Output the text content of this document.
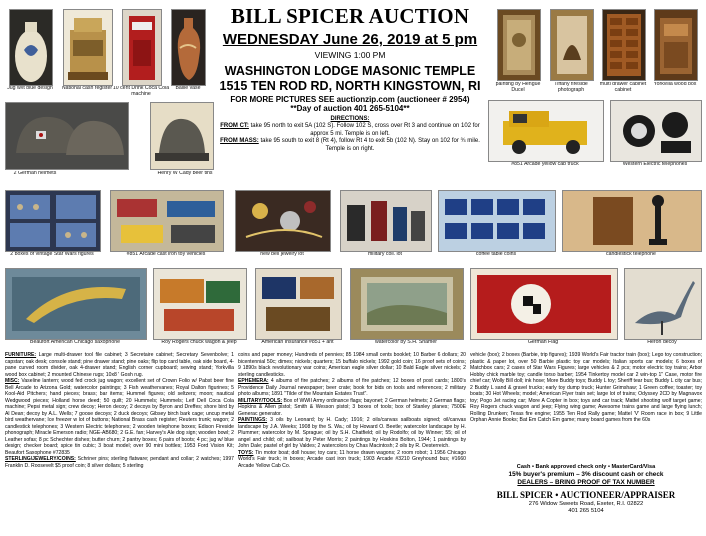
Jug w/it blue design	National cash register 10 cent Drink Coca Cola machine
Baille vase
painting by Hengue Ducel
Tiffany fireside photograph
multi drawer cabinet cabinet
Yorkvilla wood box
BILL SPICER AUCTION
WEDNESDAY June 26, 2019 at 5 pm
VIEWING 1:00 PM
WASHINGTON LODGE MASONIC TEMPLE
1515 TEN ROD RD, NORTH KINGSTOWN, RI
FOR MORE PICTURES SEE auctionzip.com (auctioneer # 2954)
**Day of auction 401 265-5104**
DIRECTIONS:
FROM CT: take 95 north to exit 5A (102 S). Follow 102 S, cross over Rt 3 and continue on 102 for approx 5 mi. Temple is on left.
FROM MASS: take 95 south to exit 8 (Rt 4), follow Rt 4 to exit 5b (102 N). Stay on 102 for ¾ mile. Temple is on right.
2 German helmets	Henry W Cady beer tins
#851 Arcade yellow cab truck	Western Electric telephones
2 boxes of vintage Star Wars figures	#851 Arcade cast iron toy vehicles	new bell jewelry lot	military coll. lot	coffee table coins	candlestick telephone
Beaufort American Chicago saxophone	Roy Rogers chuck wagon & jeep	American Insurance #851 + ant	watercolor by S.H. Shamer	German Flag	Heron decoy

FURNITURE: Large multi-drawer tool file cabinet; 3 Secretaire cabinet; Secretary Sevenbolve; 1 capstan; oak desk; console stand; pine drawer stand; pine oaks; flip top card table, oak side board, 4-pane curved room divider, oak 4-drawer stand; English corner cupboard; sewing stand; Yorkvilla wood box cabinet; 2 mounted Chinese rugs; 10x8 ' Gosh rug.

MISC: Vaseline lantern; wood fed crock jug wagon; excellent set of Crown Folio w/ Pabst beer fine Bell Arcade to Arizona Gold; watercolor paintings; 3 Fish weathervanes; Royal Dalton figurines; 5 Kool-Aid Pitchers; hand pieces; brass; bar items; Hummel figures; old seltzers; moon; nautical Wedgwood pieces; Holland horse deed; 50 quilt; 20 Hummels; Hummels; Leif Dell Coca Cola machine; Pepsi metal sign; crew decoy; Heron decoy; 2 decoys by Byron and Dreffes; shore bird by Al Dean; decoy by A.L. Wells; 7 goose decoys; 2 duck decoys; Gibsey birch bark cage; uncup metal bird weathervane; Ice freezer w lot of buttons; National Brass cash register; Reuters trunk; wagon; 2 candlestick telephones; 3 Western Electric telephones; 2 wooden telephone boxes; Edison Fireside phonograph; Miracle Emerson radio; NGE-AB680; 2 G.E. fan; Harvey's Ale dog sign; wooden bowl; 2 Leather sofas; 8 pc Schechter dishes; butter churn; 2 pantry boxes; 6 pairs of boots; 4 pc; jug w/ blue design; checker board; spice tin cubic; 3 boat model; over 90 mini bottles; 1953 Ford Vision Kit; Beaufort Saxophone #72835

STERLING/JEWELRY/COINS: Schriner pins; sterling flatware; pendant and collar; 2 watches; 1997 Franklin D. Roosevelt $5 proof coin; 8 silver dollars; 5 sterling

coins and paper money; Hundreds of pennies; 85 1984 small cents booklet; 10 Barber 6 dollars; 20 bicentennial 50c; dimes; nickels; quarters; 15 buffalo nickels; 1992 gold coin; 16 proof sets of coins; 9 1890s black revolutionary war coins; American eagle silver dollar; 10 Bald Eagle silver nickels; 2 sterling candlesticks.

EPHEMERA: 4 albums of fire patches; 2 albums of fire patches; 12 boxes of post cards; 1800's Providence Daily Journal newspaper; beer crate; book for bids on tools and references; 2 military photo albums; 1891 "Tilde of the Mountain Estates Trust".

MILITARY/TOOLS: Box of WWII Army ordinance flags; bayonet; 2 German helmets; 2 German flags; Hopkins & Allen pistol; Smith & Wesson pistol; 3 boxes of tools; box of Stanley planes; 7500E Generac generator.

PAINTINGS: 3 oils by Leonard; by H. Cady; 1916; 2 oils/canvas sailboats signed; oil/canvas landscape by J.A. Weeks; 1908 by the S. Wa.; oil by Howard O. Beetle; watercolor landscape by H. Plummer; watercolor by M. Sprague; oil by S.H. Chatfield; oil by Rodolfo; oil by Winner; 55; oil of angel and child; oil; sailboat by Peter Morris; 2 paintings by Hoskins Bolton, 1944; 1 paintings by John Dale; pastel of girl by Valdes; 2 watercolors by Chas Macintosh; 2 oils by R. Oesterreich.

TOYS: Tin motor boat; doll house; toy cars; 11 horse drawn wagons; 2 room robot; 1 1956 Chicago World's Fair truck; in boxes; Arcade cast iron truck; 1903 Arcade #3210 Greyhound bus; #1660 Arcade Yellow Cab Co.

vehicle (box); 2 boxes (Barbie, trip figures); 1939 World's Fair tractor train (box); Lego toy construction; plastic & paper lot, over 50 Barbie plastic toy car models; Italian sports car models; 6 boxes of Matchbox cars; 2 cases of Star Wars Figures; large vehicles & 2 pcs; motor electric toy trains; Arbor Hobby chick marble toy; candle torso barber; 1954 Tinkertoy model car 2 win-top 1" Case, motor fire chief car; Wolly Bill doll; ink hose; More Buddy toys; Buddy L toy; Sheriff tear bus; Buddy L city car bus; 2 Buddy L sand & gravel trucks; early toy dump truck; Hunter Grimshaw; 1 Green coffee; toaster; toy boats; 30 Hot Wheels; model; American Flyer train set; large lot of trains; Odyssey 2CD by Magnavox toy; Pogo Jet racing car; More A Copter in box; toys and car track; Mattel shooting wolf target game; Roy Rogers chuck wagon and jeep; Flying wing game; Awesome trains game and large flying lunch; Rolling Drunken; Texas fire engine; 1955 Ten Rod Rally game; Mattel 'V' Room race in box; 9 Little Orphan Annie Books; Bat Em Catch Em game; many board games from the 60s

Cash • Bank approved check only • MasterCard/Visa
15% buyer's premium – 3% discount cash or check
DEALERS – BRING PROOF OF TAX NUMBER
BILL SPICER • AUCTIONEER/APPRAISER
276 Widow Sweets Road, Exeter, R.I. 02822
401 265 5104
